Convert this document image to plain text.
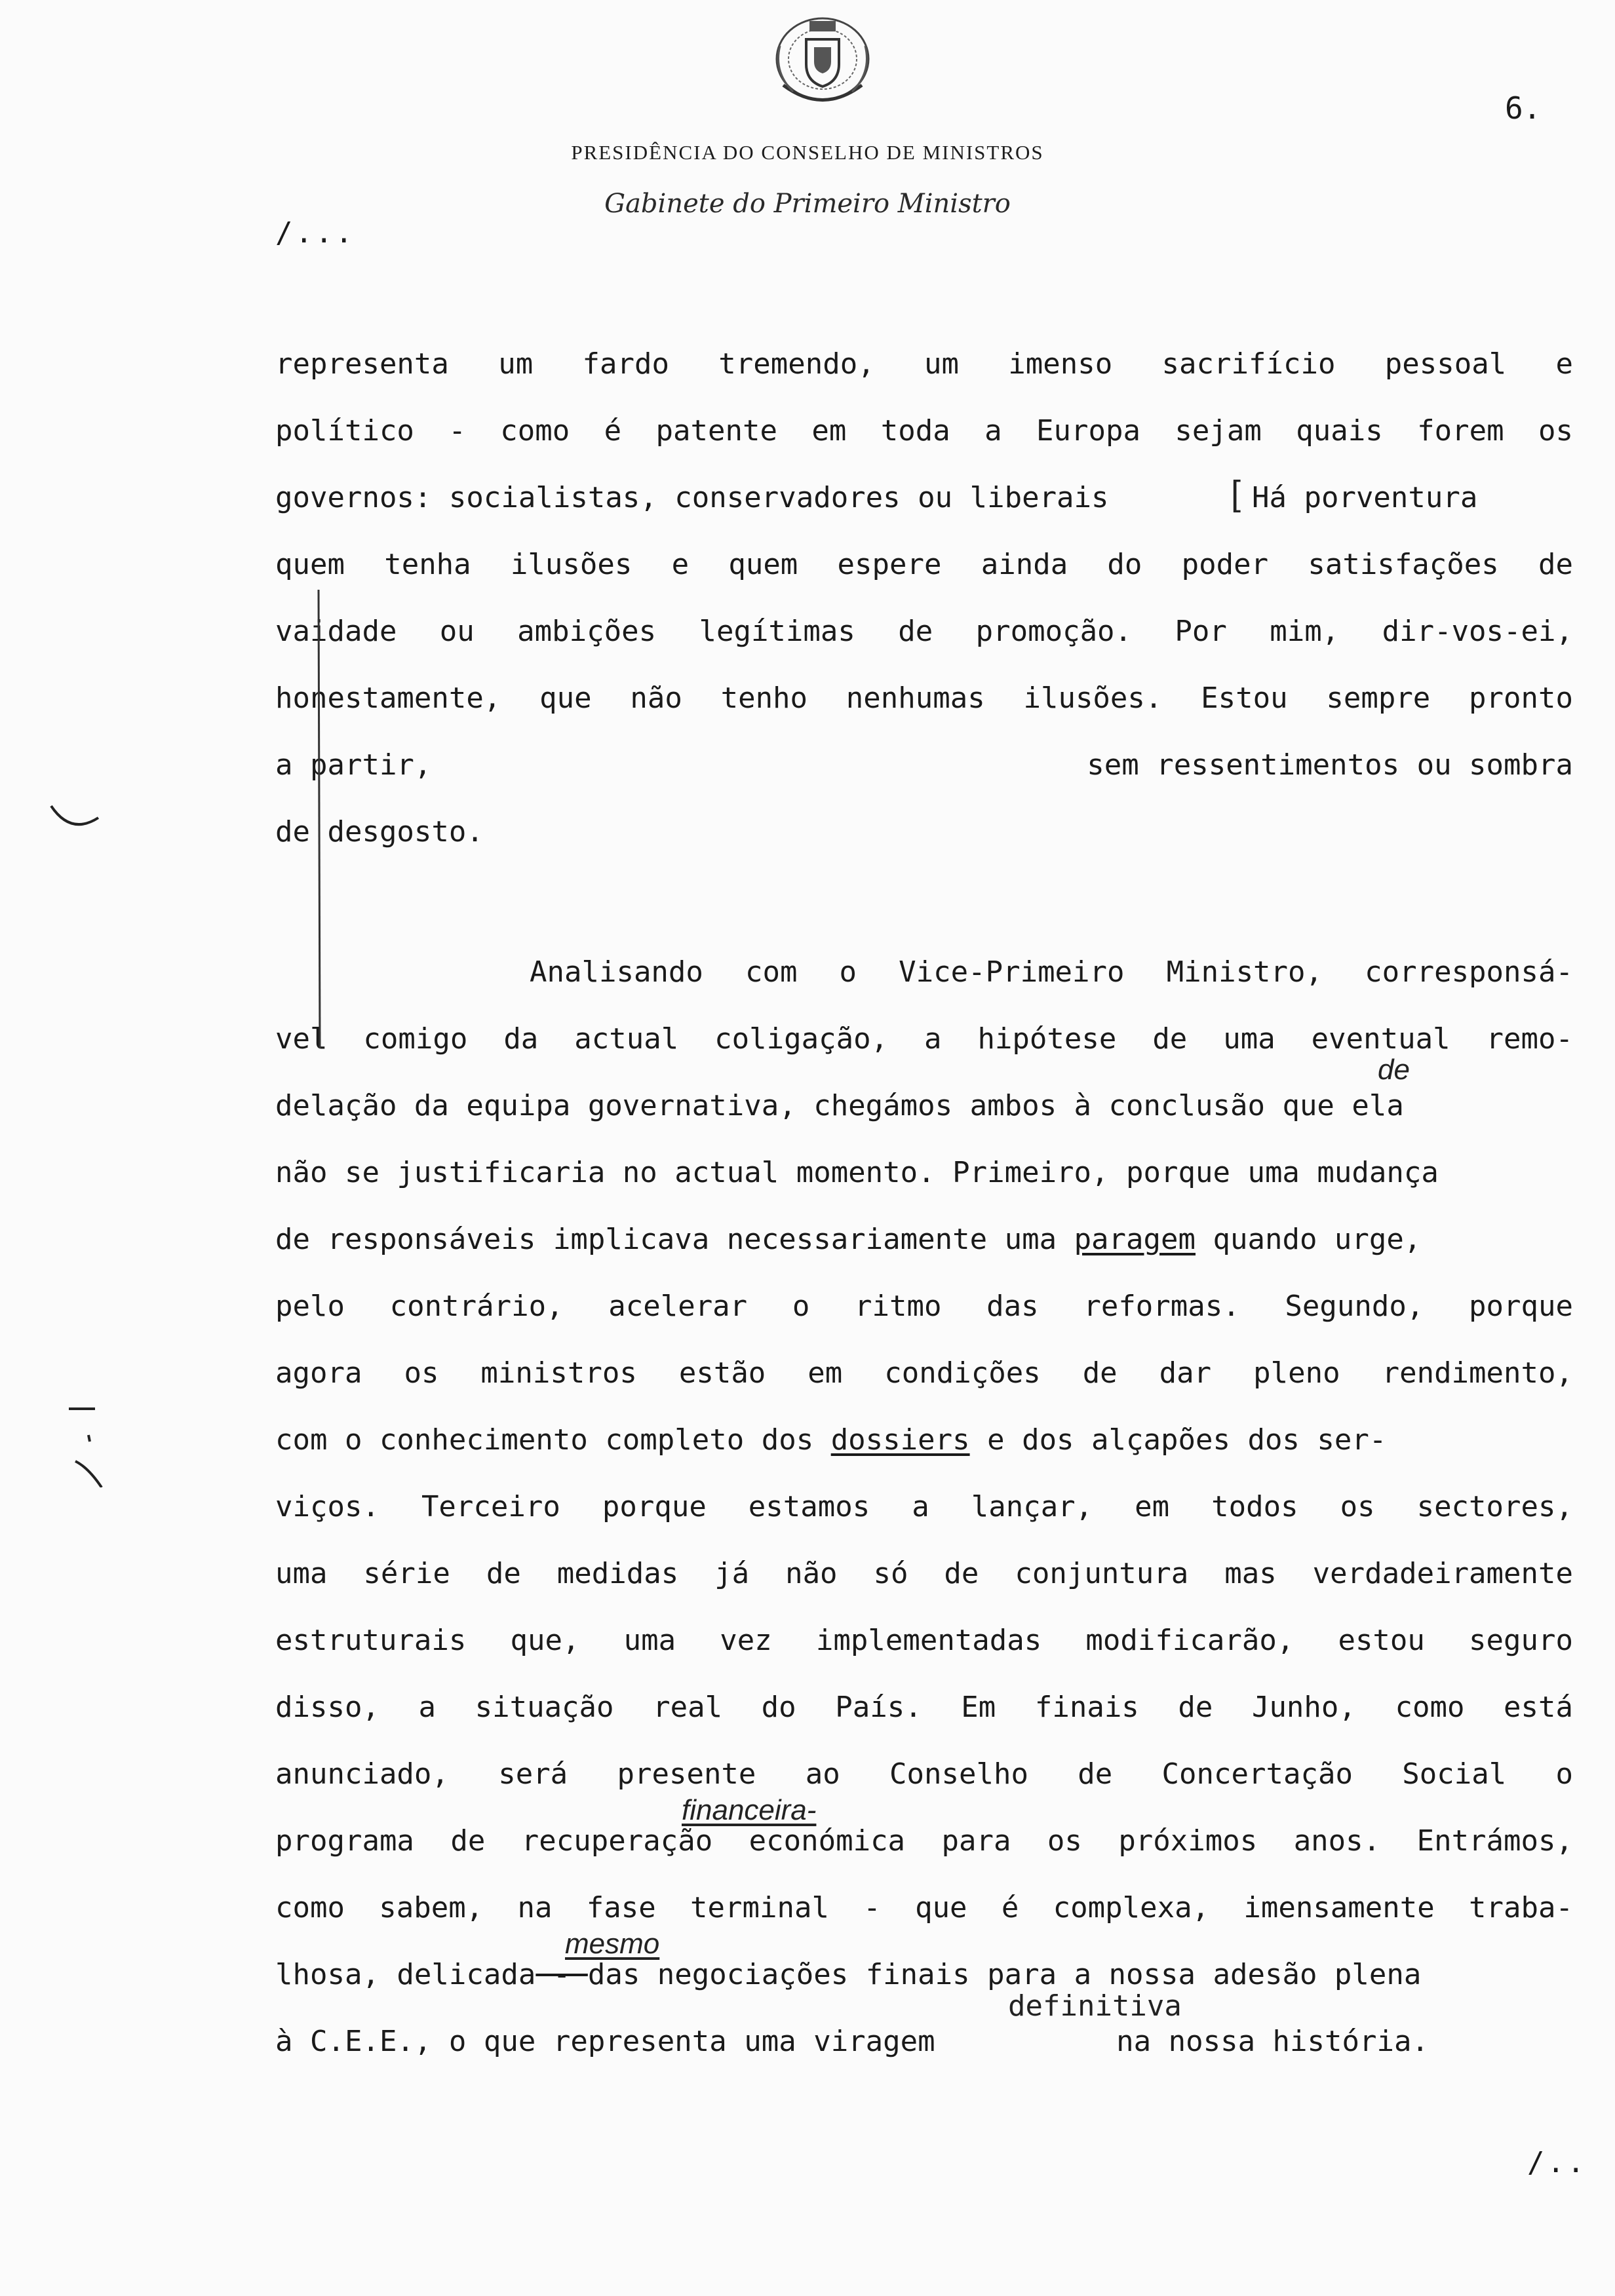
PRESIDÊNCIA DO CONSELHO DE MINISTROS
Gabinete do Primeiro Ministro
6.
/...
representa um fardo tremendo, um imenso sacrifício pessoal e
político - como é patente em toda a Europa sejam quais forem os
governos: socialistas, conservadores ou liberais	[ Há porventura
quem tenha ilusões e quem espere ainda do poder satisfações de
vaidade ou ambições legítimas de promoção. Por mim, dir-vos-ei,
honestamente, que não tenho nenhumas ilusões. Estou sempre pronto
a partir,	sem ressentimentos ou sombra
de desgosto.
Analisando com o Vice-Primeiro Ministro, corresponsá-
vel comigo da actual coligação, a hipótese de uma eventual remo-
de
delação da equipa governativa, chegámos ambos à conclusão que ela
não se justificaria no actual momento. Primeiro, porque uma mudança
de responsáveis implicava necessariamente uma paragem quando urge,
pelo contrário, acelerar o ritmo das reformas. Segundo, porque
agora os ministros estão em condições de dar pleno rendimento,
com o conhecimento completo dos dossiers e dos alçapões dos ser-
viços. Terceiro porque estamos a lançar, em todos os sectores,
uma série de medidas já não só de conjuntura mas verdadeiramente
estruturais que, uma vez implementadas modificarão, estou seguro
disso, a situação real do País. Em finais de Junho, como está
anunciado, será presente ao Conselho de Concertação Social o
financeira-
programa de recuperação económica para os próximos anos. Entrámos,
como sabem, na fase terminal - que é complexa, imensamente traba-
mesmo
lhosa, delicada - das negociações finais para a nossa adesão plena
definitiva
à C.E.E., o que representa uma viragem	na nossa história.
/..
